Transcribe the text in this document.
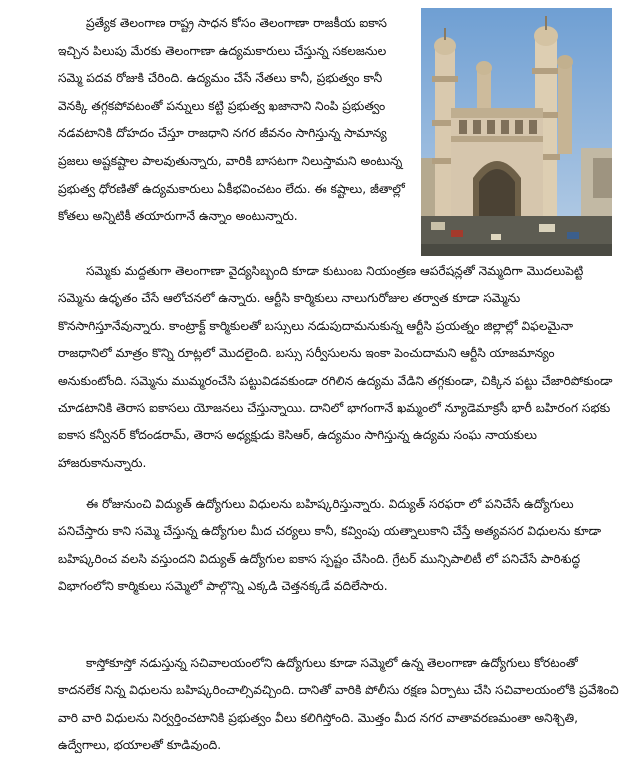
ప్రత్యేక తెలంగాణ రాష్ట్ర సాధన కోసం తెలంగాణా రాజకీయ ఐకాస ఇచ్చిన పిలుపు మేరకు తెలంగాణా ఉద్యమకారులు చేస్తున్న సకలజనుల సమ్మె పదవ రోజుకి చేరింది. ఉద్యమం చేసే నేతలు కానీ, ప్రభుత్వం కానీ వెనక్కి తగ్గకపోవటంతో పన్నులు కట్టి ప్రభుత్వ ఖజానాని నింపి ప్రభుత్వం నడవటానికి దోహదం చేస్తూ రాజధాని నగర జీవనం సాగిస్తున్న సామాన్య ప్రజలు అష్టకష్టాల పాలవుతున్నారు, వారికి బాసటగా నిలుస్తామని అంటున్న ప్రభుత్వ ధోరణితో ఉద్యమకారులు ఏకీభవించటం లేదు. ఈ కష్టాలు, జీతాల్లో కోతలు అన్నిటికీ తయారుగానే ఉన్నాం అంటున్నారు.

సమ్మెకు మద్దతుగా తెలంగాణా వైద్యసిబ్బంది కూడా కుటుంబ నియంత్రణ ఆపరేషన్లతో నెమ్మదిగా మొదలుపెట్టి సమ్మెను ఉధృతం చేసే ఆలోచనలో ఉన్నారు. ఆర్టీసి కార్మికులు నాలుగురోజుల తర్వాత కూడా సమ్మెను కొనసాగిస్తూనేవున్నారు. కాంట్రాక్ట్ కార్మికులతో బస్సులు నడుపుదామనుకున్న ఆర్టీసి ప్రయత్నం జిల్లాల్లో విఫలమైనా రాజధానిలో మాత్రం కొన్ని రూట్లలో మొదలైంది. బస్సు సర్వీసులను ఇంకా పెంచుదామని ఆర్టీసి యాజమాన్యం అనుకుంటోంది. సమ్మెను ముమ్మరంచేసి పట్టువిడవకుండా రగిలిన ఉద్యమ వేడిని తగ్గకుండా, చిక్కిన పట్టు చేజారిపోకుండా చూడటానికి తెరాస ఐకాసలు యోజనలు చేస్తున్నాయి. దానిలో భాగంగానే ఖమ్మంలో న్యూడెమాక్రసీ భారీ బహిరంగ సభకు ఐకాస కన్వీనర్ కోదండరామ్, తెరాస అధ్యక్షుడు కెసిఆర్, ఉద్యమం సాగిస్తున్న ఉద్యమ సంఘ నాయకులు హాజరుకానున్నారు.

ఈ రోజునుంచి విద్యుత్ ఉద్యోగులు విధులను బహిష్కరిస్తున్నారు. విద్యుత్ సరఫరా లో పనిచేసే ఉద్యోగులు పనిచేస్తారు కాని సమ్మె చేస్తున్న ఉద్యోగుల మీద చర్యలు కానీ, కవ్వింపు యత్నాలుకాని చేస్తే అత్యవసర విధులను కూడా బహిష్కరించ వలసి వస్తుందని విద్యుత్ ఉద్యోగుల ఐకాస స్పష్టం చేసింది. గ్రేటర్ మున్సిపాలిటీ లో పనిచేసే పారిశుద్ధ విభాగంలోని కార్మికులు సమ్మెలో పాల్గొన్ని ఎక్కడి చెత్తనక్కడే వదిలేసారు.

కాస్తోకూస్తో నడుస్తున్న సచివాలయంలోని ఉద్యోగులు కూడా సమ్మెలో ఉన్న తెలంగాణా ఉద్యోగులు కోరటంతో కాదనలేక నిన్న విధులను బహిష్కరించాల్సివచ్చింది. దానితో వారికి పోలీసు రక్షణ ఏర్పాటు చేసి సచివాలయంలోకి ప్రవేశించి వారి వారి విధులను నిర్వర్తించటానికి ప్రభుత్వం వీలు కలిగిస్తోంది. మొత్తం మీద నగర వాతావరణమంతా అనిశ్చితి, ఉద్వేగాలు, భయాలతో కూడివుంది.
